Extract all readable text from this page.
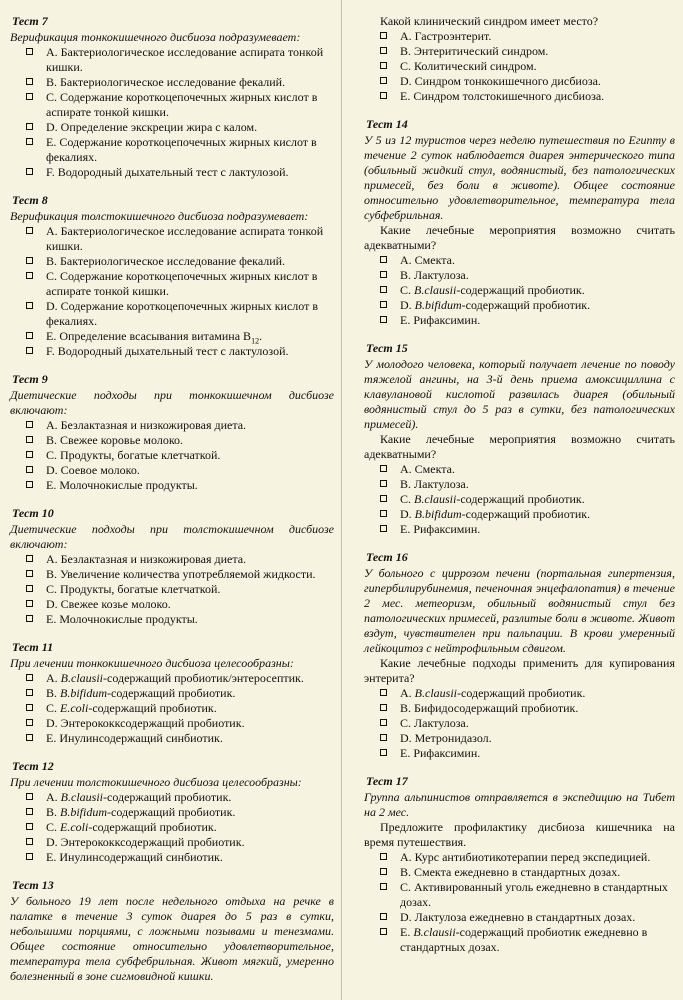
Тест 7

Верификация тонкокишечного дисбиоза подразумевает:

A. Бактериологическое исследование аспирата тонкой кишки.
B. Бактериологическое исследование фекалий.
C. Содержание короткоцепочечных жирных кислот в аспирате тонкой кишки.
D. Определение экскреции жира с калом.
E. Содержание короткоцепочечных жирных кислот в фекалиях.
F. Водородный дыхательный тест с лактулозой.
Тест 8

Верификация толстокишечного дисбиоза подразумевает:

A. Бактериологическое исследование аспирата тонкой кишки.
B. Бактериологическое исследование фекалий.
C. Содержание короткоцепочечных жирных кислот в аспирате тонкой кишки.
D. Содержание короткоцепочечных жирных кислот в фекалиях.
E. Определение всасывания витамина $B_{12}$.
F. Водородный дыхательный тест с лактулозой.
Тест 9

Диетические подходы при тонкокишечном дисбиозе включают:

A. Безлактазная и низкожировая диета.
B. Свежее коровье молоко.
C. Продукты, богатые клетчаткой.
D. Соевое молоко.
E. Молочнокислые продукты.
Тест 10

Диетические подходы при толстокишечном дисбиозе включают:

A. Безлактазная и низкожировая диета.
B. Увеличение количества употребляемой жидкости.
C. Продукты, богатые клетчаткой.
D. Свежее козье молоко.
E. Молочнокислые продукты.
Тест 11

При лечении тонкокишечного дисбиоза целесообразны:

A. B.clausii-содержащий пробиотик/энтеросептик.
B. B.bifidum-содержащий пробиотик.
C. E.coli-содержащий пробиотик.
D. Энтерококксодержащий пробиотик.
E. Инулинсодержащий синбиотик.
Тест 12

При лечении толстокишечного дисбиоза целесообразны:

A. B.clausii-содержащий пробиотик.
B. B.bifidum-содержащий пробиотик.
C. E.coli-содержащий пробиотик.
D. Энтерококксодержащий пробиотик.
E. Инулинсодержащий синбиотик.
Тест 13

У больного 19 лет после недельного отдыха на речке в палатке в течение 3 суток диарея до 5 раз в сутки, небольшими порциями, с ложными позывами и тенезмами. Общее состояние относительно удовлетворительное, температура тела субфебрильная. Живот мягкий, умеренно болезненный в зоне сигмовидной кишки.

Какой клинический синдром имеет место?

A. Гастроэнтерит.
B. Энтеритический синдром.
C. Колитический синдром.
D. Синдром тонкокишечного дисбиоза.
E. Синдром толстокишечного дисбиоза.
Тест 14

У 5 из 12 туристов через неделю путешествия по Египту в течение 2 суток наблюдается диарея энтерического типа (обильный жидкий стул, водянистый, без патологических примесей, без боли в животе). Общее состояние относительно удовлетворительное, температура тела субфебрильная.

Какие лечебные мероприятия возможно считать адекватными?

A. Смекта.
B. Лактулоза.
C. B.clausii-содержащий пробиотик.
D. B.bifidum-содержащий пробиотик.
E. Рифаксимин.
Тест 15

У молодого человека, который получает лечение по поводу тяжелой ангины, на 3-й день приема амоксициллина с клавулановой кислотой развилась диарея (обильный водянистый стул до 5 раз в сутки, без патологических примесей).

Какие лечебные мероприятия возможно считать адекватными?

A. Смекта.
B. Лактулоза.
C. B.clausii-содержащий пробиотик.
D. B.bifidum-содержащий пробиотик.
E. Рифаксимин.
Тест 16

У больного с циррозом печени (портальная гипертензия, гипербилирубинемия, печеночная энцефалопатия) в течение 2 мес. метеоризм, обильный водянистый стул без патологических примесей, разлитые боли в животе. Живот вздут, чувствителен при пальпации. В крови умеренный лейкоцитоз с нейтрофильным сдвигом.

Какие лечебные подходы применить для купирования энтерита?

A. B.clausii-содержащий пробиотик.
B. Бифидосодержащий пробиотик.
C. Лактулоза.
D. Метронидазол.
E. Рифаксимин.
Тест 17

Группа альпинистов отправляется в экспедицию на Тибет на 2 мес.

Предложите профилактику дисбиоза кишечника на время путешествия.

A. Курс антибиотикотерапии перед экспедицией.
B. Смекта ежедневно в стандартных дозах.
C. Активированный уголь ежедневно в стандартных дозах.
D. Лактулоза ежедневно в стандартных дозах.
E. B.clausii-содержащий пробиотик ежедневно в стандартных дозах.
